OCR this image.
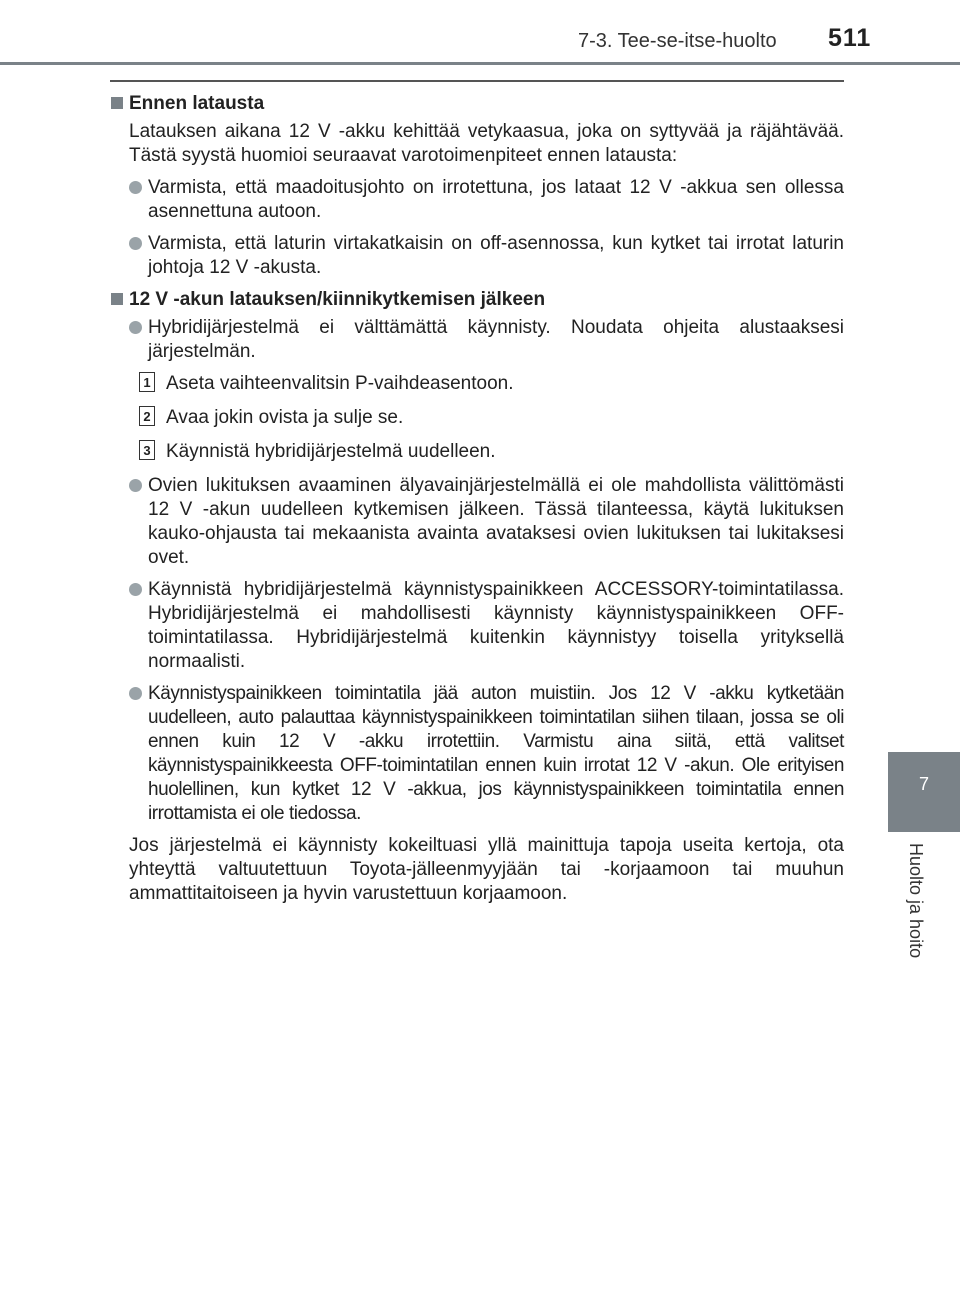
7-3. Tee-se-itse-huolto 511
7
Huolto ja hoito
Ennen latausta
Latauksen aikana 12 V -akku kehittää vetykaasua, joka on syttyvää ja räjähtävää. Tästä syystä huomioi seuraavat varotoimenpiteet ennen latausta:
Varmista, että maadoitusjohto on irrotettuna, jos lataat 12 V -akkua sen ollessa asennettuna autoon.
Varmista, että laturin virtakatkaisin on off-asennossa, kun kytket tai irrotat laturin johtoja 12 V -akusta.
12 V -akun latauksen/kiinnikytkemisen jälkeen
Hybridijärjestelmä ei välttämättä käynnisty. Noudata ohjeita alustaaksesi järjestelmän.
1 Aseta vaihteenvalitsin P-vaihdeasentoon.
2 Avaa jokin ovista ja sulje se.
3 Käynnistä hybridijärjestelmä uudelleen.
Ovien lukituksen avaaminen älyavainjärjestelmällä ei ole mahdollista välittömästi 12 V -akun uudelleen kytkemisen jälkeen. Tässä tilanteessa, käytä lukituksen kauko-ohjausta tai mekaanista avainta avataksesi ovien lukituksen tai lukitaksesi ovet.
Käynnistä hybridijärjestelmä käynnistyspainikkeen ACCESSORY-toimintatilassa. Hybridijärjestelmä ei mahdollisesti käynnisty käynnistyspainikkeen OFF-toimintatilassa. Hybridijärjestelmä kuitenkin käynnistyy toisella yrityksellä normaalisti.
Käynnistyspainikkeen toimintatila jää auton muistiin. Jos 12 V -akku kytketään uudelleen, auto palauttaa käynnistyspainikkeen toimintatilan siihen tilaan, jossa se oli ennen kuin 12 V -akku irrotettiin. Varmistu aina siitä, että valitset käynnistyspainikkeesta OFF-toimintatilan ennen kuin irrotat 12 V -akun. Ole erityisen huolellinen, kun kytket 12 V -akkua, jos käynnistyspainikkeen toimintatila ennen irrottamista ei ole tiedossa.
Jos järjestelmä ei käynnisty kokeiltuasi yllä mainittuja tapoja useita kertoja, ota yhteyttä valtuutettuun Toyota-jälleenmyyjään tai -korjaamoon tai muuhun ammattitaitoiseen ja hyvin varustettuun korjaamoon.
